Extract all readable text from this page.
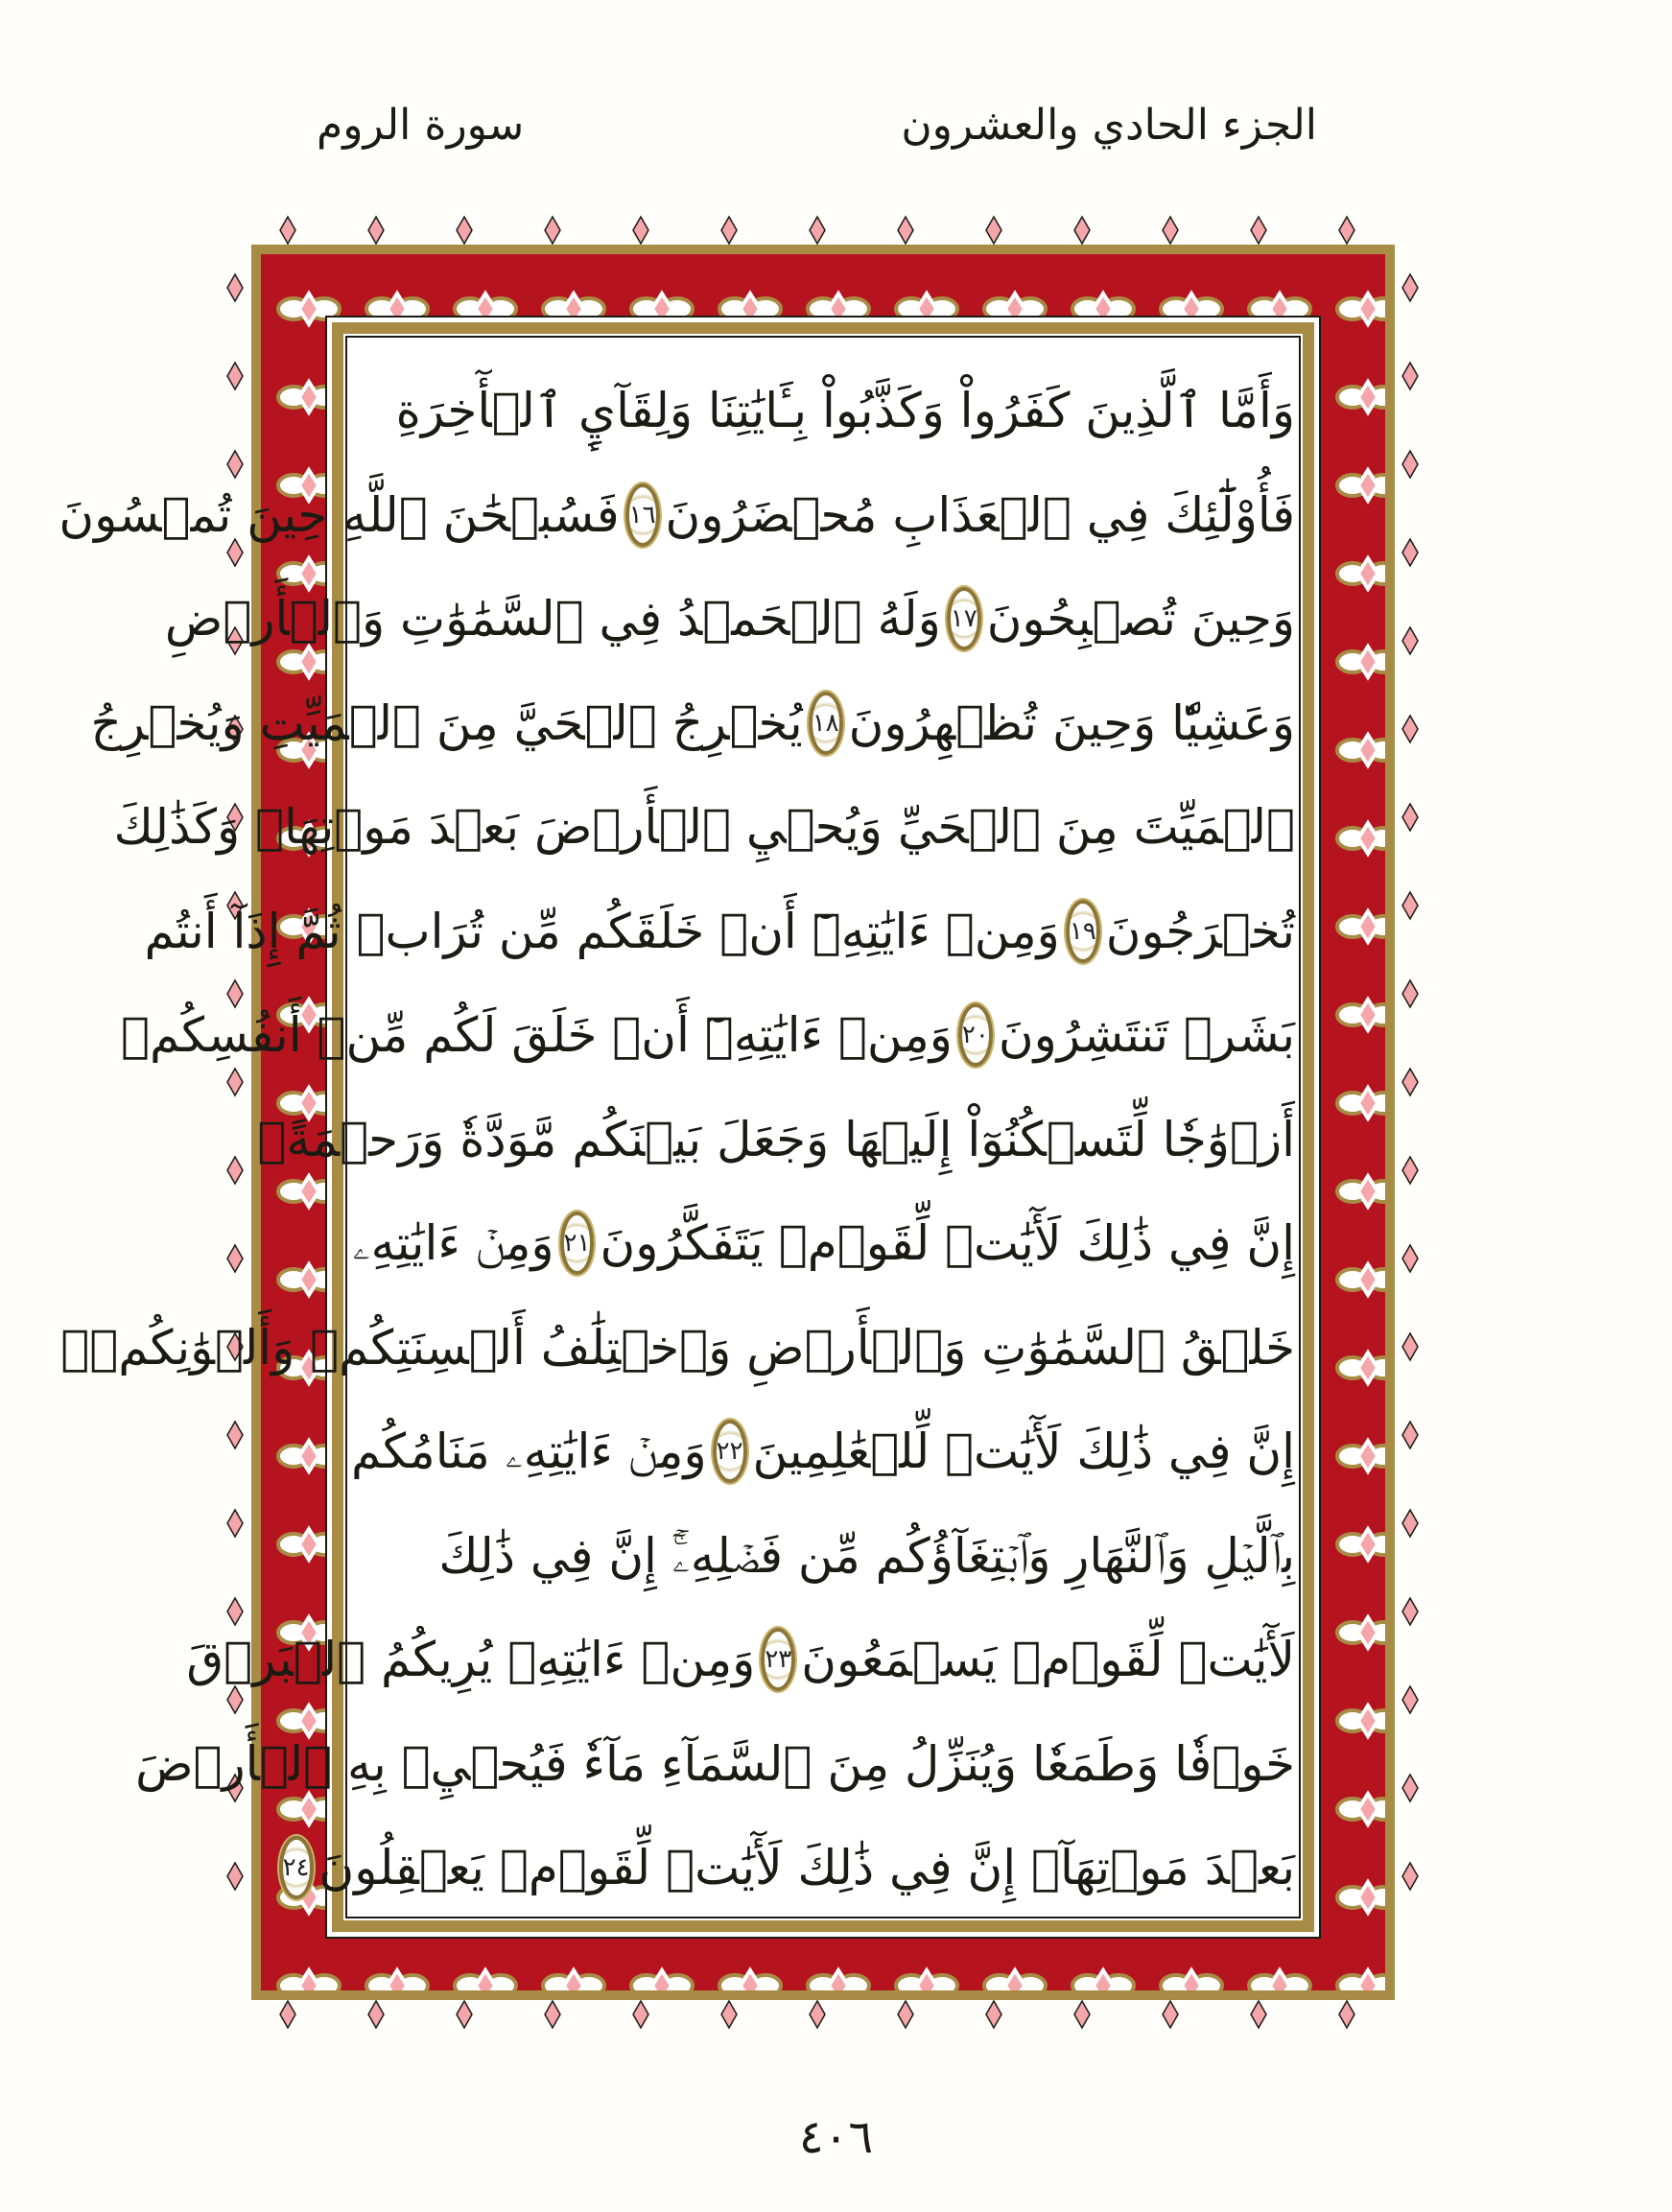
الجزء الحادي والعشرون
سورة الروم
وَأَمَّا ٱلَّذِينَ كَفَرُواْ وَكَذَّبُواْ بِـَٔايَٰتِنَا وَلِقَآيِٕ ٱلۡأٓخِرَةِ
فَأُوْلَٰٓئِكَ فِي ٱلۡعَذَابِ مُحۡضَرُونَ
١٦
فَسُبۡحَٰنَ ٱللَّهِ حِينَ تُمۡسُونَ
وَحِينَ تُصۡبِحُونَ
١٧
وَلَهُ ٱلۡحَمۡدُ فِي ٱلسَّمَٰوَٰتِ وَٱلۡأَرۡضِ
وَعَشِيّٗا وَحِينَ تُظۡهِرُونَ
١٨
يُخۡرِجُ ٱلۡحَيَّ مِنَ ٱلۡمَيِّتِ وَيُخۡرِجُ
ٱلۡمَيِّتَ مِنَ ٱلۡحَيِّ وَيُحۡيِ ٱلۡأَرۡضَ بَعۡدَ مَوۡتِهَاۚ وَكَذَٰلِكَ
تُخۡرَجُونَ
١٩
وَمِنۡ ءَايَٰتِهِۦٓ أَنۡ خَلَقَكُم مِّن تُرَابٖ ثُمَّ إِذَآ أَنتُم
بَشَرٞ تَنتَشِرُونَ
٢٠
وَمِنۡ ءَايَٰتِهِۦٓ أَنۡ خَلَقَ لَكُم مِّنۡ أَنفُسِكُمۡ
أَزۡوَٰجٗا لِّتَسۡكُنُوٓاْ إِلَيۡهَا وَجَعَلَ بَيۡنَكُم مَّوَدَّةٗ وَرَحۡمَةًۚ
إِنَّ فِي ذَٰلِكَ لَأٓيَٰتٖ لِّقَوۡمٖ يَتَفَكَّرُونَ
٢١
وَمِنۡ ءَايَٰتِهِۦ
خَلۡقُ ٱلسَّمَٰوَٰتِ وَٱلۡأَرۡضِ وَٱخۡتِلَٰفُ أَلۡسِنَتِكُمۡ وَأَلۡوَٰنِكُمۡۚ
إِنَّ فِي ذَٰلِكَ لَأٓيَٰتٖ لِّلۡعَٰلِمِينَ
٢٢
وَمِنۡ ءَايَٰتِهِۦ مَنَامُكُم
بِٱلَّيۡلِ وَٱلنَّهَارِ وَٱبۡتِغَآؤُكُم مِّن فَضۡلِهِۦٓۚ إِنَّ فِي ذَٰلِكَ
لَأٓيَٰتٖ لِّقَوۡمٖ يَسۡمَعُونَ
٢٣
وَمِنۡ ءَايَٰتِهِۦ يُرِيكُمُ ٱلۡبَرۡقَ
خَوۡفٗا وَطَمَعٗا وَيُنَزِّلُ مِنَ ٱلسَّمَآءِ مَآءٗ فَيُحۡيِۦ بِهِ ٱلۡأَرۡضَ
بَعۡدَ مَوۡتِهَآۚ إِنَّ فِي ذَٰلِكَ لَأٓيَٰتٖ لِّقَوۡمٖ يَعۡقِلُونَ
٢٤
٤٠٦
